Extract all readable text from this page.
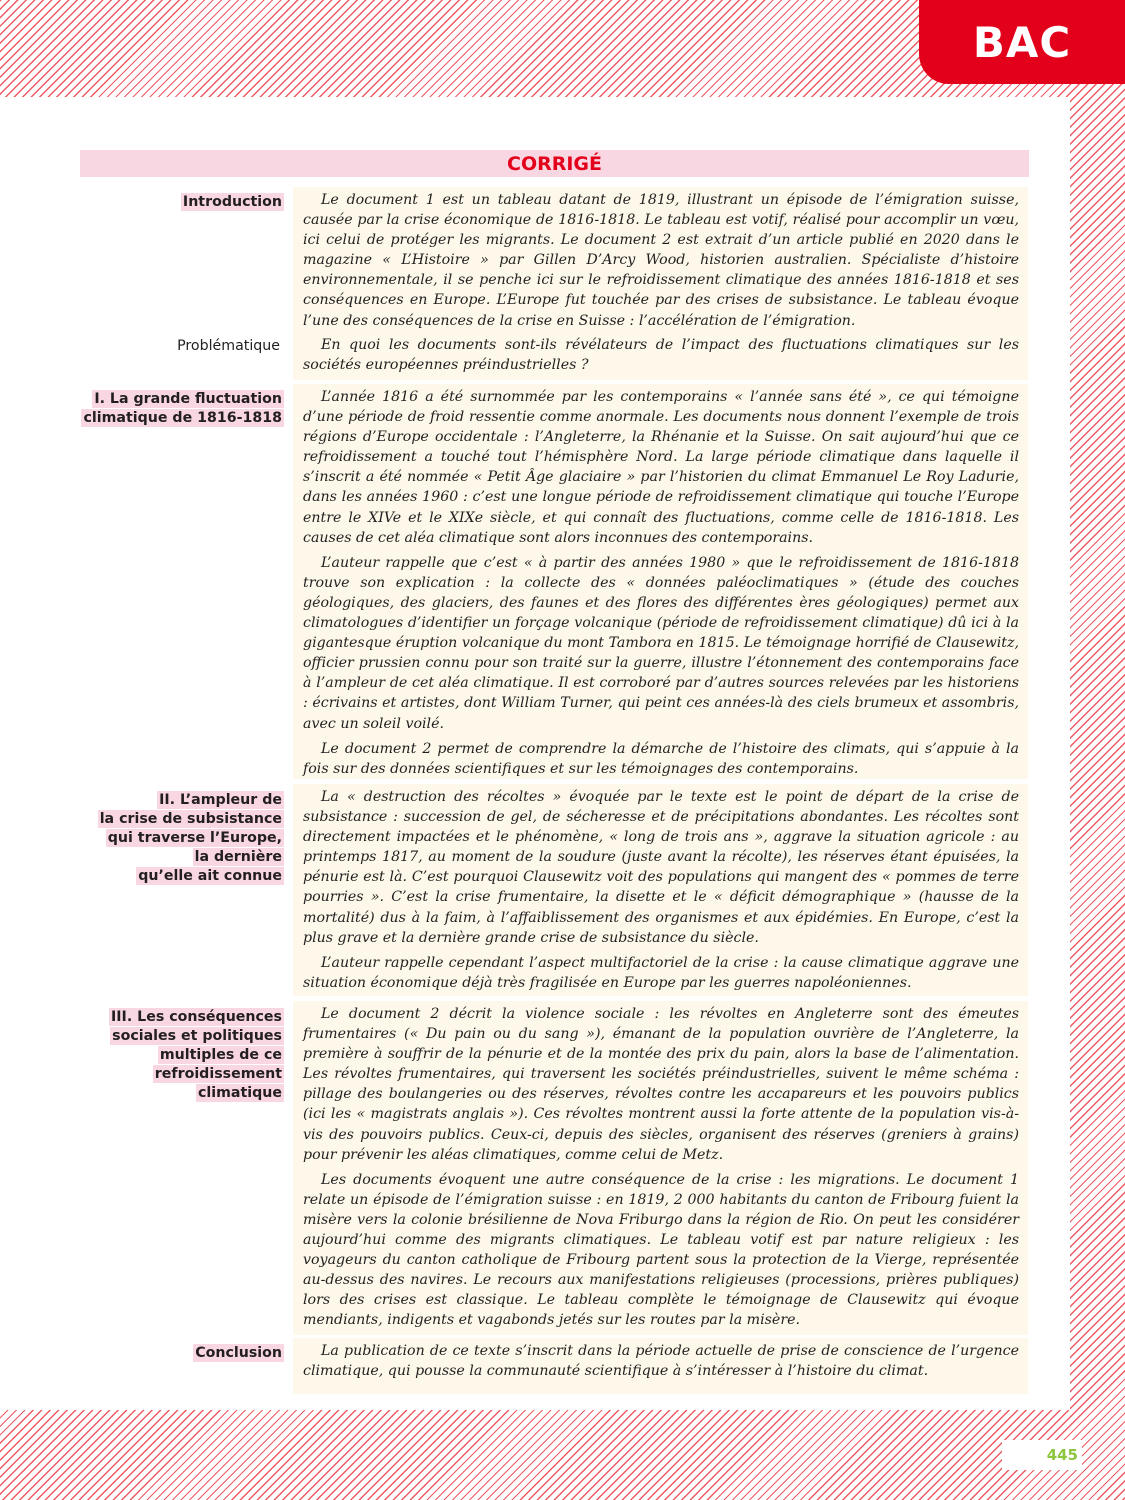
BAC
CORRIGÉ
Introduction	Le document 1 est un tableau datant de 1819, illustrant un épisode de l’émigration suisse, causée par la crise économique de 1816-1818. Le tableau est votif, réalisé pour accomplir un vœu, ici celui de protéger les migrants. Le document 2 est extrait d’un article publié en 2020 dans le magazine « L’Histoire » par Gillen D’Arcy Wood, historien australien. Spécialiste d’histoire environnementale, il se penche ici sur le refroidissement climatique des années 1816-1818 et ses conséquences en Europe. L’Europe fut touchée par des crises de subsistance. Le tableau évoque l’une des conséquences de la crise en Suisse : l’accélération de l’émigration.

Problématique	En quoi les documents sont-ils révélateurs de l’impact des fluctuations climatiques sur les sociétés européennes préindustrielles ?

I. La grande fluctuation
climatique de 1816-1818

L’année 1816 a été surnommée par les contemporains « l’année sans été », ce qui témoigne d’une période de froid ressentie comme anormale. Les documents nous donnent l’exemple de trois régions d’Europe occidentale : l’Angleterre, la Rhénanie et la Suisse. On sait aujourd’hui que ce refroidissement a touché tout l’hémisphère Nord. La large période climatique dans laquelle il s’inscrit a été nommée « Petit Âge glaciaire » par l’historien du climat Emmanuel Le Roy Ladurie, dans les années 1960 : c’est une longue période de refroidissement climatique qui touche l’Europe entre le XIVe et le XIXe siècle, et qui connaît des fluctuations, comme celle de 1816-1818. Les causes de cet aléa climatique sont alors inconnues des contemporains.

L’auteur rappelle que c’est « à partir des années 1980 » que le refroidissement de 1816-1818 trouve son explication : la collecte des « données paléoclimatiques » (étude des couches géologiques, des glaciers, des faunes et des flores des différentes ères géologiques) permet aux climatologues d’identifier un forçage volcanique (période de refroidissement climatique) dû ici à la gigantesque éruption volcanique du mont Tambora en 1815. Le témoignage horrifié de Clausewitz, officier prussien connu pour son traité sur la guerre, illustre l’étonnement des contemporains face à l’ampleur de cet aléa climatique. Il est corroboré par d’autres sources relevées par les historiens : écrivains et artistes, dont William Turner, qui peint ces années-là des ciels brumeux et assombris, avec un soleil voilé.

Le document 2 permet de comprendre la démarche de l’histoire des climats, qui s’appuie à la fois sur des données scientifiques et sur les témoignages des contemporains.

II. L’ampleur de
la crise de subsistance
qui traverse l’Europe,
la dernière
qu’elle ait connue

La « destruction des récoltes » évoquée par le texte est le point de départ de la crise de subsistance : succession de gel, de sécheresse et de précipitations abondantes. Les récoltes sont directement impactées et le phénomène, « long de trois ans », aggrave la situation agricole : au printemps 1817, au moment de la soudure (juste avant la récolte), les réserves étant épuisées, la pénurie est là. C’est pourquoi Clausewitz voit des populations qui mangent des « pommes de terre pourries ». C’est la crise frumentaire, la disette et le « déficit démographique » (hausse de la mortalité) dus à la faim, à l’affaiblissement des organismes et aux épidémies. En Europe, c’est la plus grave et la dernière grande crise de subsistance du siècle.

L’auteur rappelle cependant l’aspect multifactoriel de la crise : la cause climatique aggrave une situation économique déjà très fragilisée en Europe par les guerres napoléoniennes.

III. Les conséquences
sociales et politiques
multiples de ce
refroidissement
climatique

Le document 2 décrit la violence sociale : les révoltes en Angleterre sont des émeutes frumentaires (« Du pain ou du sang »), émanant de la population ouvrière de l’Angleterre, la première à souffrir de la pénurie et de la montée des prix du pain, alors la base de l’alimentation. Les révoltes frumentaires, qui traversent les sociétés préindustrielles, suivent le même schéma : pillage des boulangeries ou des réserves, révoltes contre les accapareurs et les pouvoirs publics (ici les « magistrats anglais »). Ces révoltes montrent aussi la forte attente de la population vis-à-vis des pouvoirs publics. Ceux-ci, depuis des siècles, organisent des réserves (greniers à grains) pour prévenir les aléas climatiques, comme celui de Metz.

Les documents évoquent une autre conséquence de la crise : les migrations. Le document 1 relate un épisode de l’émigration suisse : en 1819, 2 000 habitants du canton de Fribourg fuient la misère vers la colonie brésilienne de Nova Friburgo dans la région de Rio. On peut les considérer aujourd’hui comme des migrants climatiques. Le tableau votif est par nature religieux : les voyageurs du canton catholique de Fribourg partent sous la protection de la Vierge, représentée au-dessus des navires. Le recours aux manifestations religieuses (processions, prières publiques) lors des crises est classique. Le tableau complète le témoignage de Clausewitz qui évoque mendiants, indigents et vagabonds jetés sur les routes par la misère.

Conclusion	La publication de ce texte s’inscrit dans la période actuelle de prise de conscience de l’urgence climatique, qui pousse la communauté scientifique à s’intéresser à l’histoire du climat.

445
